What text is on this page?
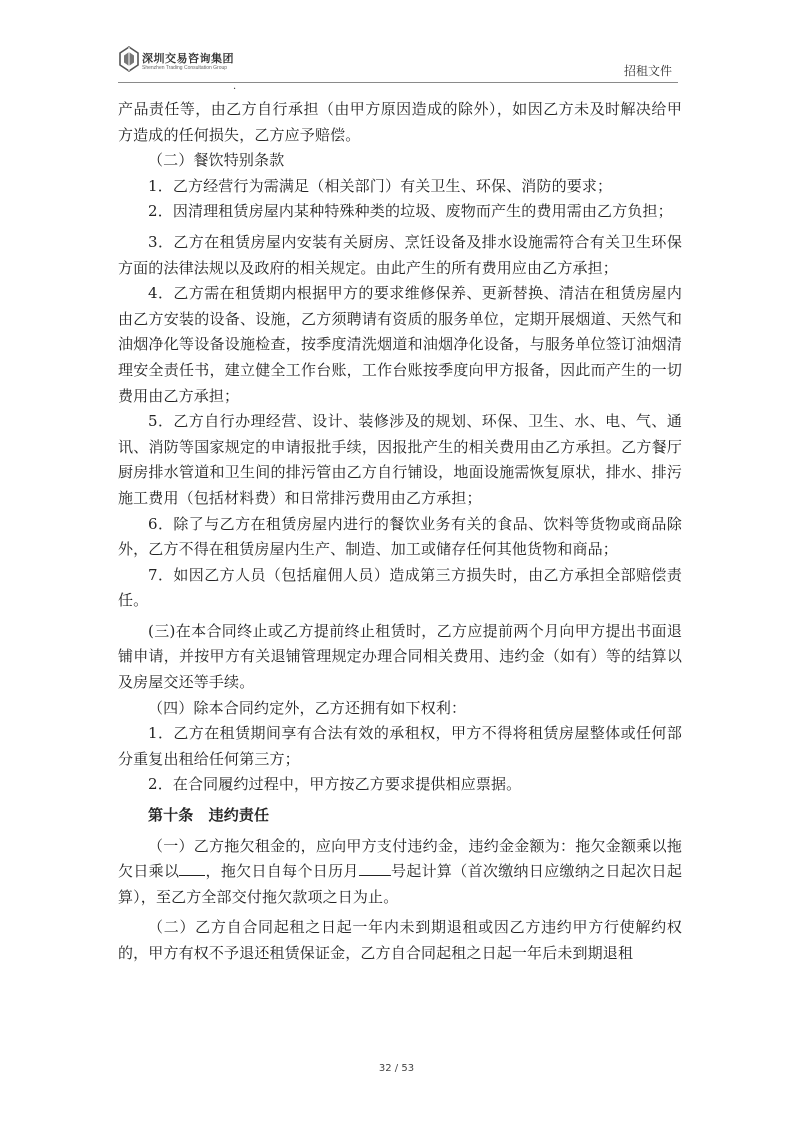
深圳交易咨询集团
Shenzhen Trading Consultation Group	招租文件
·

产品责任等，由乙方自行承担（由甲方原因造成的除外），如因乙方未及时解决给甲方造成的任何损失，乙方应予赔偿。

（二）餐饮特别条款

1．乙方经营行为需满足（相关部门）有关卫生、环保、消防的要求；

2．因清理租赁房屋内某种特殊种类的垃圾、废物而产生的费用需由乙方负担；

3．乙方在租赁房屋内安装有关厨房、烹饪设备及排水设施需符合有关卫生环保方面的法律法规以及政府的相关规定。由此产生的所有费用应由乙方承担；

4．乙方需在租赁期内根据甲方的要求维修保养、更新替换、清洁在租赁房屋内由乙方安装的设备、设施，乙方须聘请有资质的服务单位，定期开展烟道、天然气和油烟净化等设备设施检查，按季度清洗烟道和油烟净化设备，与服务单位签订油烟清理安全责任书，建立健全工作台账，工作台账按季度向甲方报备，因此而产生的一切费用由乙方承担；

5．乙方自行办理经营、设计、装修涉及的规划、环保、卫生、水、电、气、通讯、消防等国家规定的申请报批手续，因报批产生的相关费用由乙方承担。乙方餐厅厨房排水管道和卫生间的排污管由乙方自行铺设，地面设施需恢复原状，排水、排污施工费用（包括材料费）和日常排污费用由乙方承担；

6．除了与乙方在租赁房屋内进行的餐饮业务有关的食品、饮料等货物或商品除外，乙方不得在租赁房屋内生产、制造、加工或储存任何其他货物和商品；

7．如因乙方人员（包括雇佣人员）造成第三方损失时，由乙方承担全部赔偿责任。

(三)在本合同终止或乙方提前终止租赁时，乙方应提前两个月向甲方提出书面退铺申请，并按甲方有关退铺管理规定办理合同相关费用、违约金（如有）等的结算以及房屋交还等手续。

（四）除本合同约定外，乙方还拥有如下权利：

1．乙方在租赁期间享有合法有效的承租权，甲方不得将租赁房屋整体或任何部分重复出租给任何第三方；

2．在合同履约过程中，甲方按乙方要求提供相应票据。

第十条　违约责任

（一）乙方拖欠租金的，应向甲方支付违约金，违约金金额为：拖欠金额乘以拖欠日乘以 ，拖欠日自每个日历月 号起计算（首次缴纳日应缴纳之日起次日起算），至乙方全部交付拖欠款项之日为止。

（二）乙方自合同起租之日起一年内未到期退租或因乙方违约甲方行使解约权的，甲方有权不予退还租赁保证金，乙方自合同起租之日起一年后未到期退租

32 / 53
